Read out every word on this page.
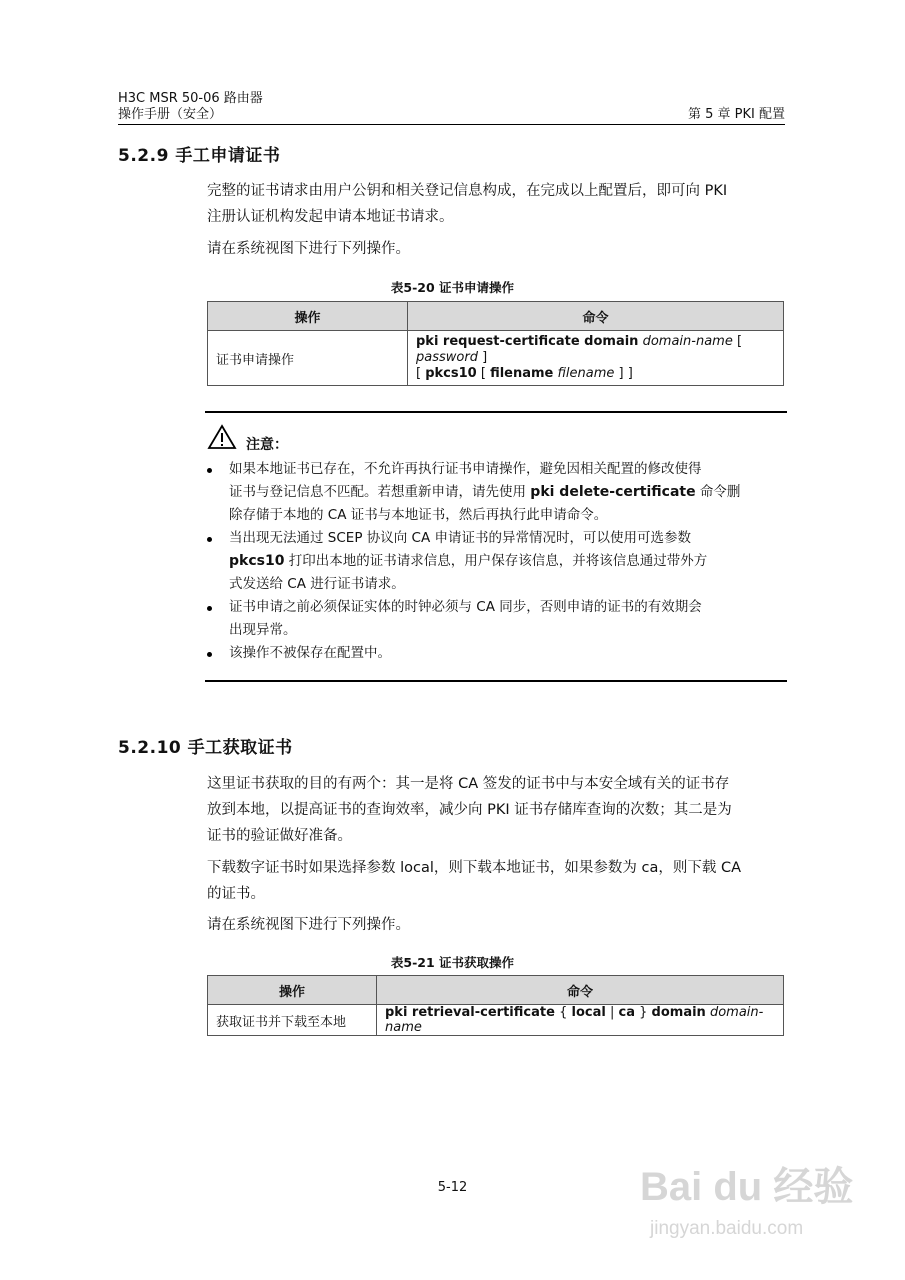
H3C MSR 50-06 路由器
操作手册（安全）	第 5 章 PKI 配置
5.2.9 手工申请证书
完整的证书请求由用户公钥和相关登记信息构成，在完成以上配置后，即可向 PKI
注册认证机构发起申请本地证书请求。
请在系统视图下进行下列操作。
表5-20 证书申请操作
操作	命令
证书申请操作	pki request-certificate domain domain-name [ password ]
[ pkcs10 [ filename filename ] ]
注意：
如果本地证书已存在，不允许再执行证书申请操作，避免因相关配置的修改使得
证书与登记信息不匹配。若想重新申请，请先使用 pki delete-certificate 命令删
除存储于本地的 CA 证书与本地证书，然后再执行此申请命令。
当出现无法通过 SCEP 协议向 CA 申请证书的异常情况时，可以使用可选参数
pkcs10 打印出本地的证书请求信息，用户保存该信息，并将该信息通过带外方
式发送给 CA 进行证书请求。
证书申请之前必须保证实体的时钟必须与 CA 同步，否则申请的证书的有效期会
出现异常。
该操作不被保存在配置中。
5.2.10 手工获取证书
这里证书获取的目的有两个：其一是将 CA 签发的证书中与本安全域有关的证书存
放到本地，以提高证书的查询效率，减少向 PKI 证书存储库查询的次数；其二是为
证书的验证做好准备。
下载数字证书时如果选择参数 local，则下载本地证书，如果参数为 ca，则下载 CA
的证书。
请在系统视图下进行下列操作。
表5-21 证书获取操作
操作	命令
获取证书并下载至本地	pki retrieval-certificate { local | ca } domain domain-name
5-12	Bai du 经验
jingyan.baidu.com
